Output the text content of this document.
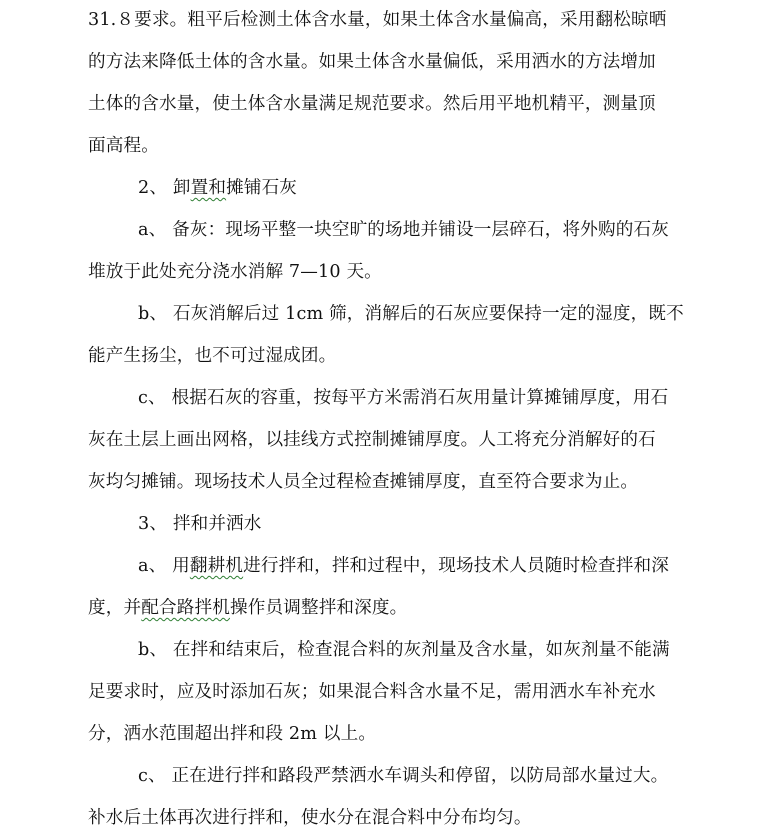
31.８要求。粗平后检测土体含水量，如果土体含水量偏高，采用翻松晾晒
的方法来降低土体的含水量。如果土体含水量偏低，采用洒水的方法增加
土体的含水量，使土体含水量满足规范要求。然后用平地机精平，测量顶
面高程。
2、 卸置和摊铺石灰
a、 备灰：现场平整一块空旷的场地并铺设一层碎石，将外购的石灰
堆放于此处充分浇水消解 7—10 天。
b、 石灰消解后过 1cm 筛，消解后的石灰应要保持一定的湿度，既不
能产生扬尘，也不可过湿成团。
c、 根据石灰的容重，按每平方米需消石灰用量计算摊铺厚度，用石
灰在土层上画出网格，以挂线方式控制摊铺厚度。人工将充分消解好的石
灰均匀摊铺。现场技术人员全过程检查摊铺厚度，直至符合要求为止。
3、 拌和并洒水
a、 用翻耕机进行拌和，拌和过程中，现场技术人员随时检查拌和深
度，并配合路拌机操作员调整拌和深度。
b、 在拌和结束后，检查混合料的灰剂量及含水量，如灰剂量不能满
足要求时，应及时添加石灰；如果混合料含水量不足，需用洒水车补充水
分，洒水范围超出拌和段 2m 以上。
c、 正在进行拌和路段严禁洒水车调头和停留，以防局部水量过大。
补水后土体再次进行拌和，使水分在混合料中分布均匀。
